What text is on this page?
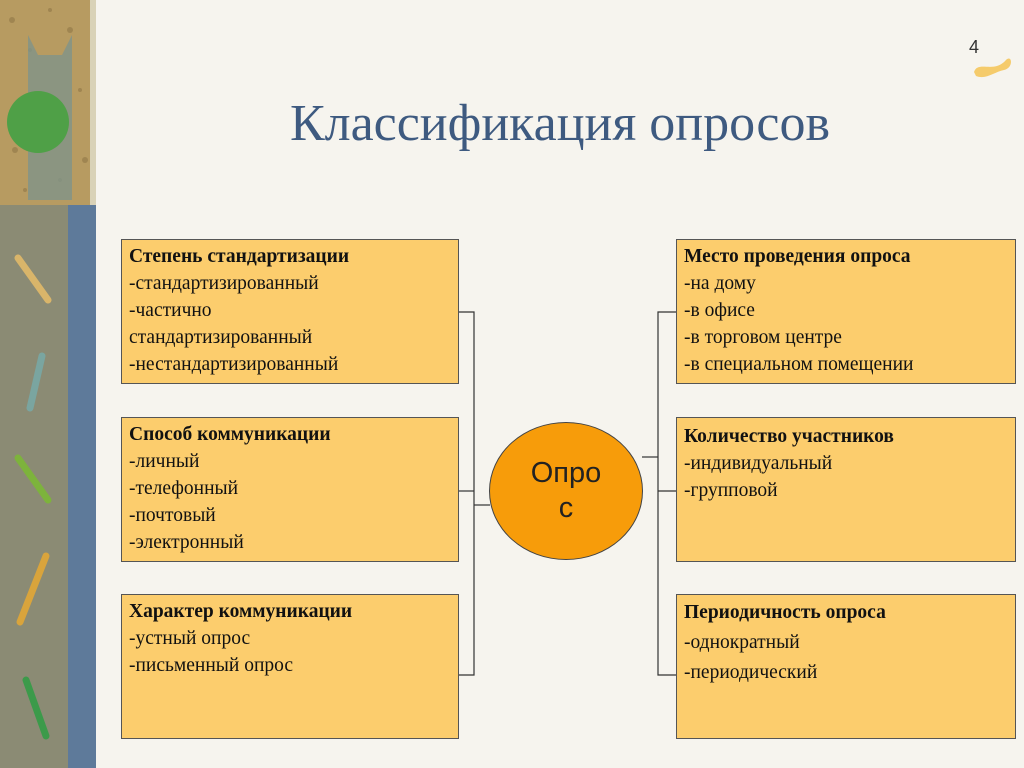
4
Классификация опросов
Степень стандартизации
-стандартизированный
-частично стандартизированный
-нестандартизированный
Способ коммуникации
-личный
-телефонный
-почтовый
-электронный
Характер коммуникации
-устный опрос
-письменный опрос
Место проведения опроса
-на дому
-в офисе
-в торговом центре
-в специальном помещении
Количество участников
-индивидуальный
-групповой
Периодичность опроса
-однократный
-периодический
Опрос
